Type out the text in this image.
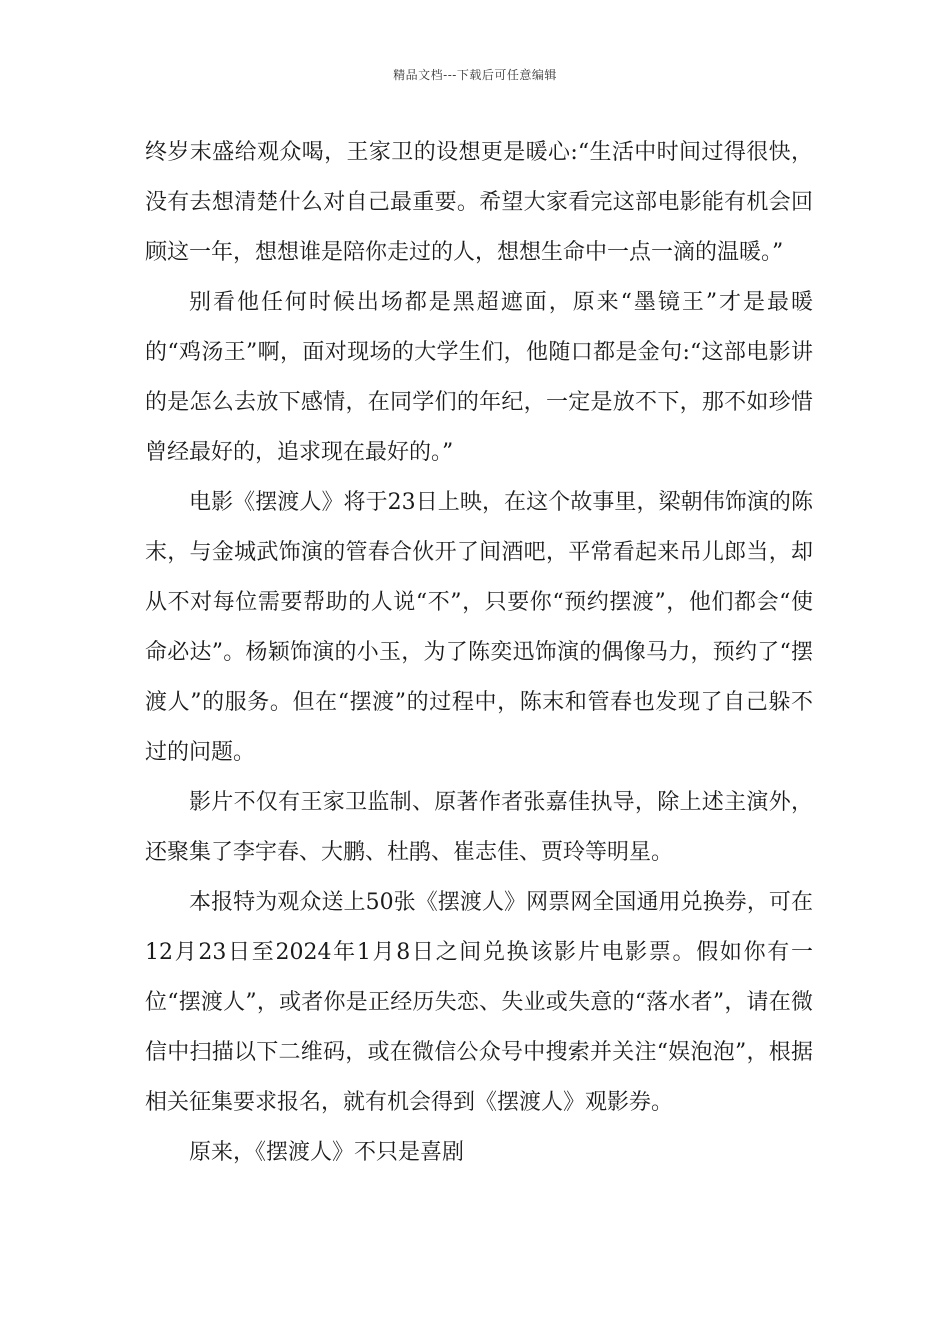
精品文档---下载后可任意编辑

终岁末盛给观众喝，王家卫的设想更是暖心:“生活中时间过得很快，没有去想清楚什么对自己最重要。希望大家看完这部电影能有机会回顾这一年，想想谁是陪你走过的人，想想生命中一点一滴的温暖。”

别看他任何时候出场都是黑超遮面，原来“墨镜王”才是最暖的“鸡汤王”啊，面对现场的大学生们，他随口都是金句:“这部电影讲的是怎么去放下感情，在同学们的年纪，一定是放不下，那不如珍惜曾经最好的，追求现在最好的。”

电影《摆渡人》将于23日上映，在这个故事里，梁朝伟饰演的陈末，与金城武饰演的管春合伙开了间酒吧，平常看起来吊儿郎当，却从不对每位需要帮助的人说“不”，只要你“预约摆渡”，他们都会“使命必达”。杨颖饰演的小玉，为了陈奕迅饰演的偶像马力，预约了“摆渡人”的服务。但在“摆渡”的过程中，陈末和管春也发现了自己躲不过的问题。

影片不仅有王家卫监制、原著作者张嘉佳执导，除上述主演外，还聚集了李宇春、大鹏、杜鹃、崔志佳、贾玲等明星。

本报特为观众送上50张《摆渡人》网票网全国通用兑换券，可在12月23日至2024年1月8日之间兑换该影片电影票。假如你有一位“摆渡人”，或者你是正经历失恋、失业或失意的“落水者”，请在微信中扫描以下二维码，或在微信公众号中搜索并关注“娱泡泡”，根据相关征集要求报名，就有机会得到《摆渡人》观影券。

原来，《摆渡人》不只是喜剧
